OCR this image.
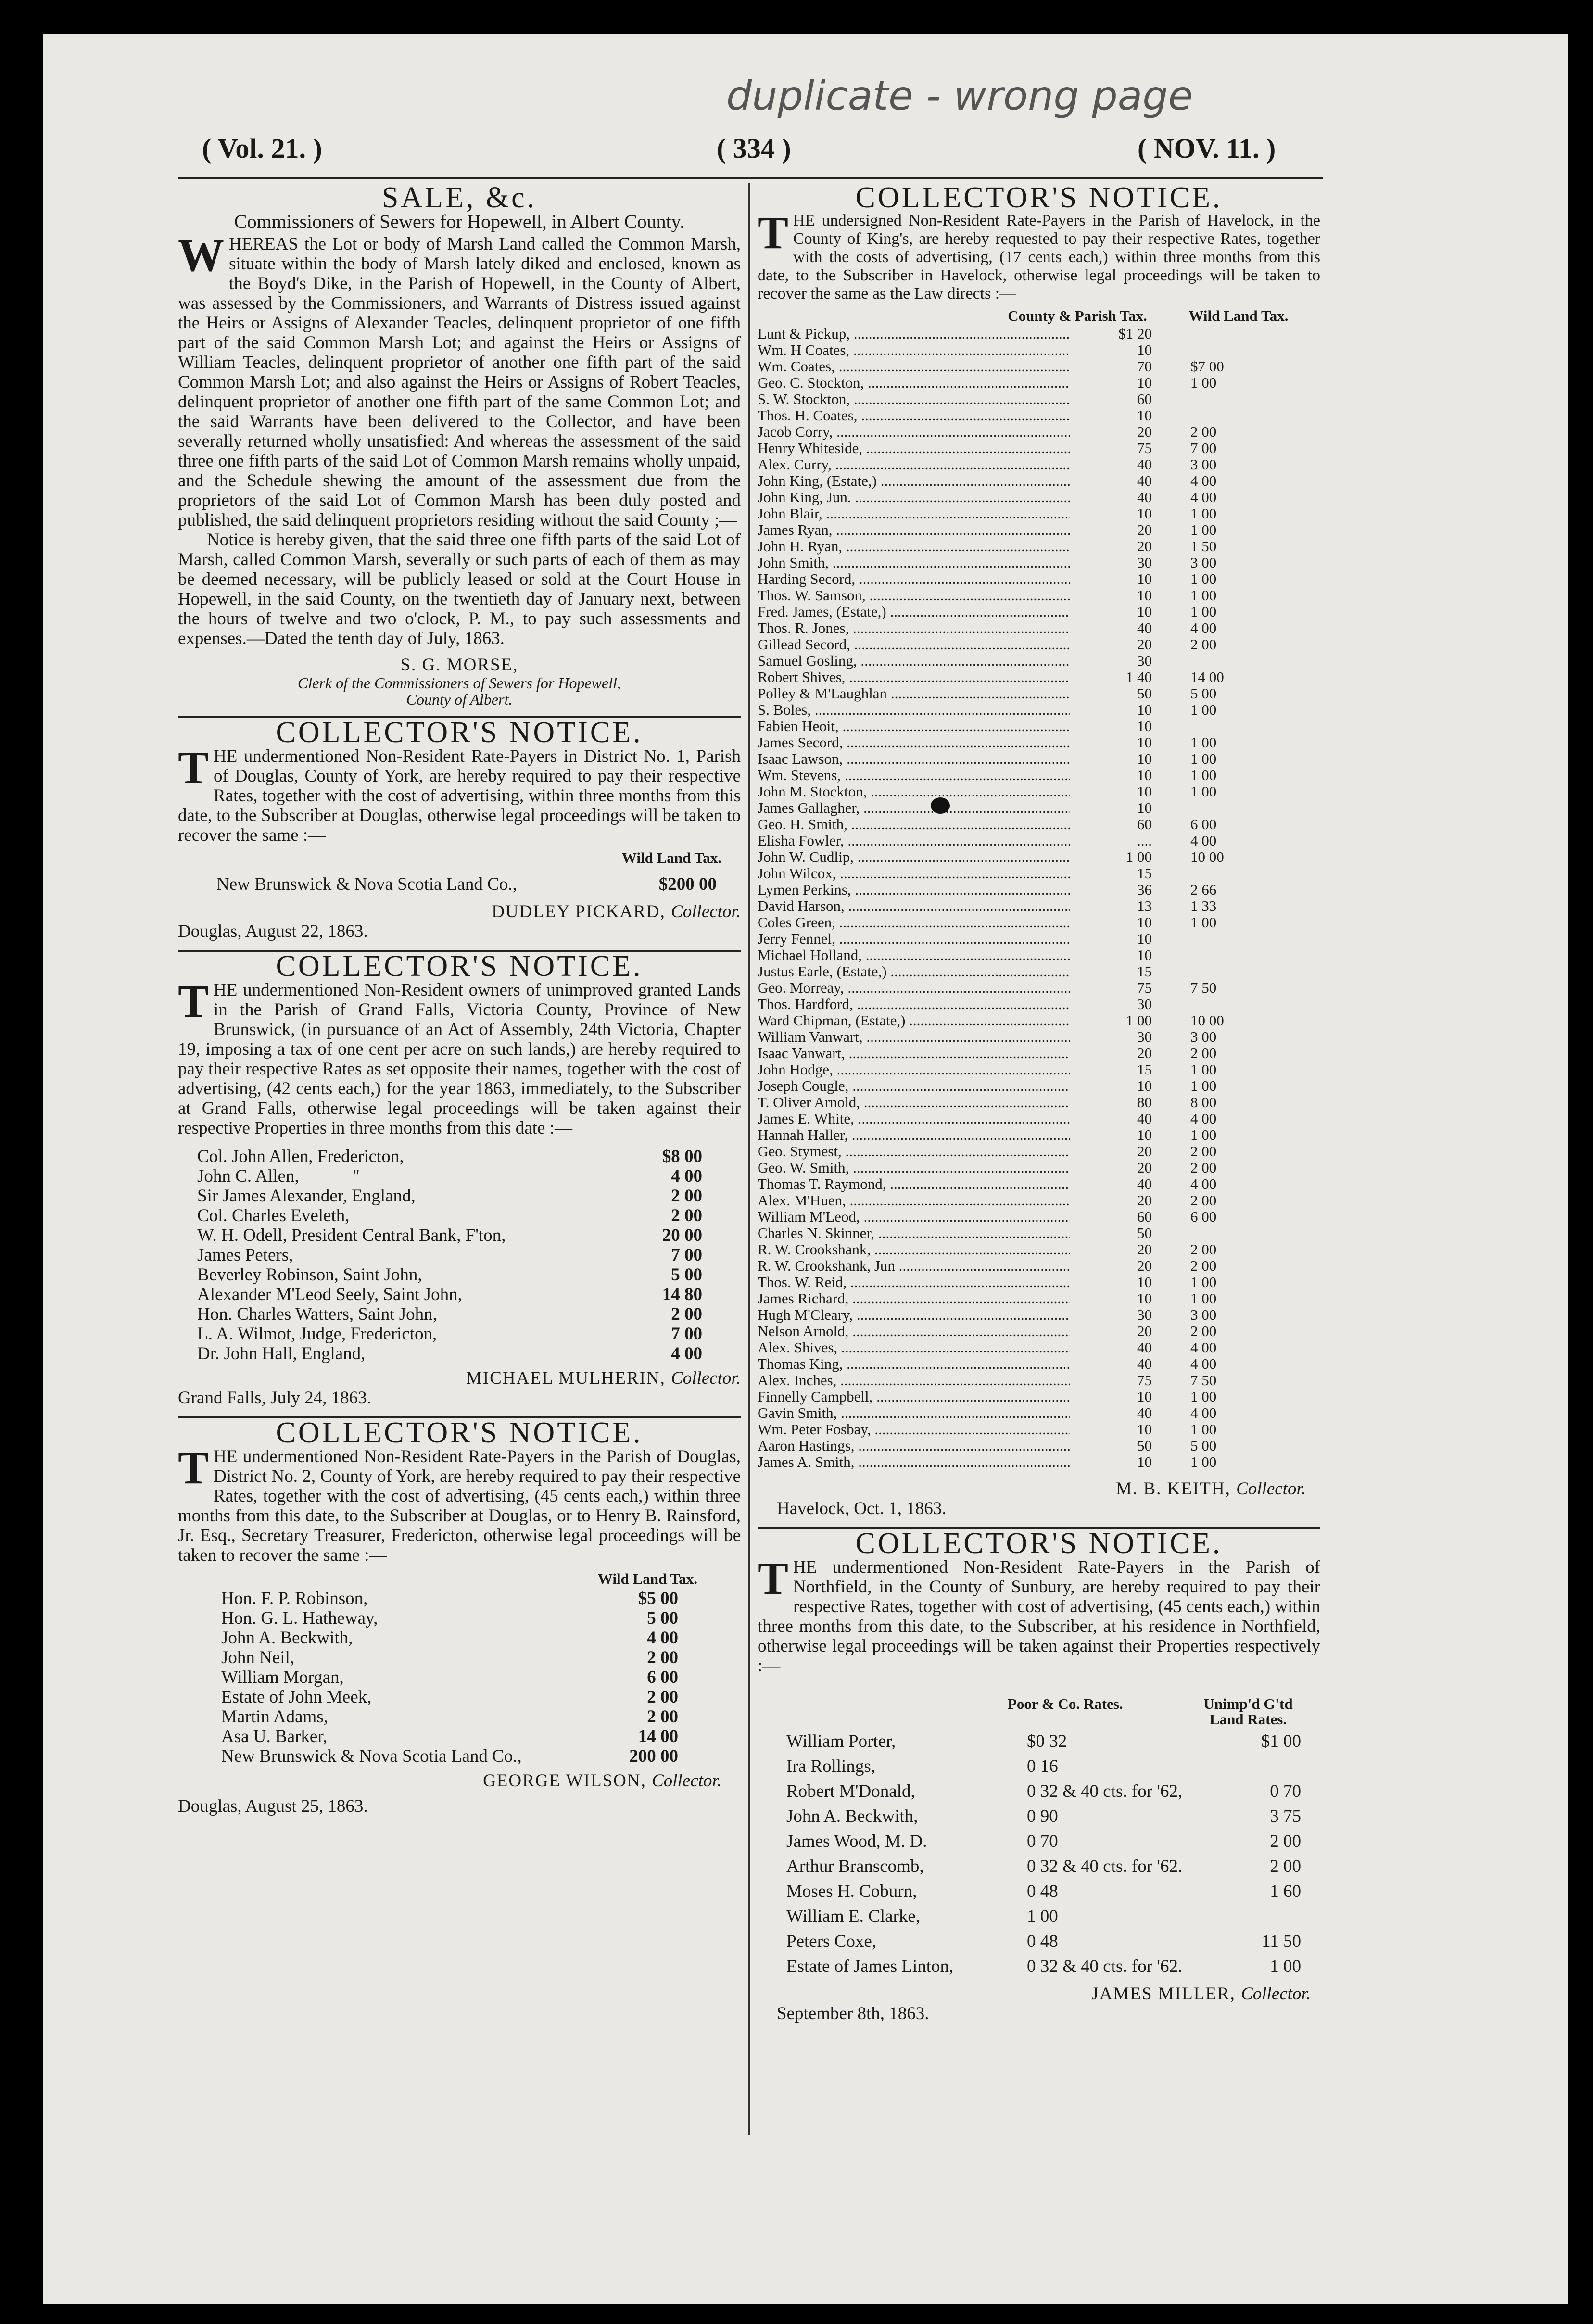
duplicate - wrong page
( Vol. 21. )	( 334 )	( NOV. 11. )
SALE, &c.
Commissioners of Sewers for Hopewell, in Albert County.

WHEREAS the Lot or body of Marsh Land called the Common Marsh, situate within the body of Marsh lately diked and enclosed, known as the Boyd's Dike, in the Parish of Hopewell, in the County of Albert, was assessed by the Commissioners, and Warrants of Distress issued against the Heirs or Assigns of Alexander Teacles, delinquent proprietor of one fifth part of the said Common Marsh Lot; and against the Heirs or Assigns of William Teacles, delinquent proprietor of another one fifth part of the said Common Marsh Lot; and also against the Heirs or Assigns of Robert Teacles, delinquent proprietor of another one fifth part of the same Common Lot; and the said Warrants have been delivered to the Collector, and have been severally returned wholly unsatisfied: And whereas the assessment of the said three one fifth parts of the said Lot of Common Marsh remains wholly unpaid, and the Schedule shewing the amount of the assessment due from the proprietors of the said Lot of Common Marsh has been duly posted and published, the said delinquent proprietors residing without the said County ;—

Notice is hereby given, that the said three one fifth parts of the said Lot of Marsh, called Common Marsh, severally or such parts of each of them as may be deemed necessary, will be publicly leased or sold at the Court House in Hopewell, in the said County, on the twentieth day of January next, between the hours of twelve and two o'clock, P. M., to pay such assessments and expenses.—Dated the tenth day of July, 1863.

S. G. MORSE,
Clerk of the Commissioners of Sewers for Hopewell,
County of Albert.
COLLECTOR'S NOTICE.

THE undermentioned Non-Resident Rate-Payers in District No. 1, Parish of Douglas, County of York, are hereby required to pay their respective Rates, together with the cost of advertising, within three months from this date, to the Subscriber at Douglas, otherwise legal proceedings will be taken to recover the same :—

Wild Land Tax.
New Brunswick & Nova Scotia Land Co.,	$200 00
DUDLEY PICKARD, Collector.
Douglas, August 22, 1863.
COLLECTOR'S NOTICE.

THE undermentioned Non-Resident owners of unimproved granted Lands in the Parish of Grand Falls, Victoria County, Province of New Brunswick, (in pursuance of an Act of Assembly, 24th Victoria, Chapter 19, imposing a tax of one cent per acre on such lands,) are hereby required to pay their respective Rates as set opposite their names, together with the cost of advertising, (42 cents each,) for the year 1863, immediately, to the Subscriber at Grand Falls, otherwise legal proceedings will be taken against their respective Properties in three months from this date :—

Col. John Allen, Fredericton,	$8 00
John C. Allen,            "	4 00
Sir James Alexander, England,	2 00
Col. Charles Eveleth,	2 00
W. H. Odell, President Central Bank, F'ton,	20 00
James Peters,	7 00
Beverley Robinson, Saint John,	5 00
Alexander M'Leod Seely, Saint John,	14 80
Hon. Charles Watters, Saint John,	2 00
L. A. Wilmot, Judge, Fredericton,	7 00
Dr. John Hall, England,	4 00
MICHAEL MULHERIN, Collector.
Grand Falls, July 24, 1863.
COLLECTOR'S NOTICE.

THE undermentioned Non-Resident Rate-Payers in the Parish of Douglas, District No. 2, County of York, are hereby required to pay their respective Rates, together with the cost of advertising, (45 cents each,) within three months from this date, to the Subscriber at Douglas, or to Henry B. Rainsford, Jr. Esq., Secretary Treasurer, Fredericton, otherwise legal proceedings will be taken to recover the same :—

Wild Land Tax.
Hon. F. P. Robinson,	$5 00
Hon. G. L. Hatheway,	5 00
John A. Beckwith,	4 00
John Neil,	2 00
William Morgan,	6 00
Estate of John Meek,	2 00
Martin Adams,	2 00
Asa U. Barker,	14 00
New Brunswick & Nova Scotia Land Co.,	200 00
GEORGE WILSON, Collector.
Douglas, August 25, 1863.
COLLECTOR'S NOTICE.

THE undersigned Non-Resident Rate-Payers in the Parish of Havelock, in the County of King's, are hereby requested to pay their respective Rates, together with the costs of advertising, (17 cents each,) within three months from this date, to the Subscriber in Havelock, otherwise legal proceedings will be taken to recover the same as the Law directs :—

County & Parish Tax.	Wild Land Tax.
Lunt & Pickup, .....	$1 20
Wm. H Coates, .....	10
Wm. Coates, .....	70	$7 00
Geo. C. Stockton, .....	10	1 00
S. W. Stockton, .....	60
Thos. H. Coates, .....	10
Jacob Corry, .....	20	2 00
Henry Whiteside, .....	75	7 00
Alex. Curry, .....	40	3 00
John King, (Estate,) .....	40	4 00
John King, Jun. .....	40	4 00
John Blair, .....	10	1 00
James Ryan, .....	20	1 00
John H. Ryan, .....	20	1 50
John Smith, .....	30	3 00
Harding Secord, .....	10	1 00
Thos. W. Samson, .....	10	1 00
Fred. James, (Estate,) .....	10	1 00
Thos. R. Jones, .....	40	4 00
Gillead Secord, .....	20	2 00
Samuel Gosling, .....	30
Robert Shives, .....	1 40	14 00
Polley & M'Laughlan .....	50	5 00
S. Boles, .....	10	1 00
Fabien Heoit, .....	10
James Secord, .....	10	1 00
Isaac Lawson, .....	10	1 00
Wm. Stevens, .....	10	1 00
John M. Stockton, .....	10	1 00
James Gallagher, .....	10
Geo. H. Smith, .....	60	6 00
Elisha Fowler, .....	....	4 00
John W. Cudlip, .....	1 00	10 00
John Wilcox, .....	15
Lymen Perkins, .....	36	2 66
David Harson, .....	13	1 33
Coles Green, .....	10	1 00
Jerry Fennel, .....	10
Michael Holland, .....	10
Justus Earle, (Estate,) .....	15
Geo. Morreay, .....	75	7 50
Thos. Hardford, .....	30
Ward Chipman, (Estate,) .....	1 00	10 00
William Vanwart, .....	30	3 00
Isaac Vanwart, .....	20	2 00
John Hodge, .....	15	1 00
Joseph Cougle, .....	10	1 00
T. Oliver Arnold, .....	80	8 00
James E. White, .....	40	4 00
Hannah Haller, .....	10	1 00
Geo. Stymest, .....	20	2 00
Geo. W. Smith, .....	20	2 00
Thomas T. Raymond, .....	40	4 00
Alex. M'Huen, .....	20	2 00
William M'Leod, .....	60	6 00
Charles N. Skinner, .....	50
R. W. Crookshank, .....	20	2 00
R. W. Crookshank, Jun .....	20	2 00
Thos. W. Reid, .....	10	1 00
James Richard, .....	10	1 00
Hugh M'Cleary, .....	30	3 00
Nelson Arnold, .....	20	2 00
Alex. Shives, .....	40	4 00
Thomas King, .....	40	4 00
Alex. Inches, .....	75	7 50
Finnelly Campbell, .....	10	1 00
Gavin Smith, .....	40	4 00
Wm. Peter Fosbay, .....	10	1 00
Aaron Hastings, .....	50	5 00
James A. Smith, .....	10	1 00
M. B. KEITH, Collector.
Havelock, Oct. 1, 1863.
COLLECTOR'S NOTICE.

THE undermentioned Non-Resident Rate-Payers in the Parish of Northfield, in the County of Sunbury, are hereby required to pay their respective Rates, together with cost of advertising, (45 cents each,) within three months from this date, to the Subscriber, at his residence in Northfield, otherwise legal proceedings will be taken against their Properties respectively :—

Poor & Co. Rates.	Unimp'd G'td
Land Rates.
William Porter,	$0 32	$1 00
Ira Rollings,	0 16
Robert M'Donald,	0 32 & 40 cts. for '62,	0 70
John A. Beckwith,	0 90	3 75
James Wood, M. D.	0 70	2 00
Arthur Branscomb,	0 32 & 40 cts. for '62.	2 00
Moses H. Coburn,	0 48	1 60
William E. Clarke,	1 00
Peters Coxe,	0 48	11 50
Estate of James Linton,	0 32 & 40 cts. for '62.	1 00
JAMES MILLER, Collector.
September 8th, 1863.
